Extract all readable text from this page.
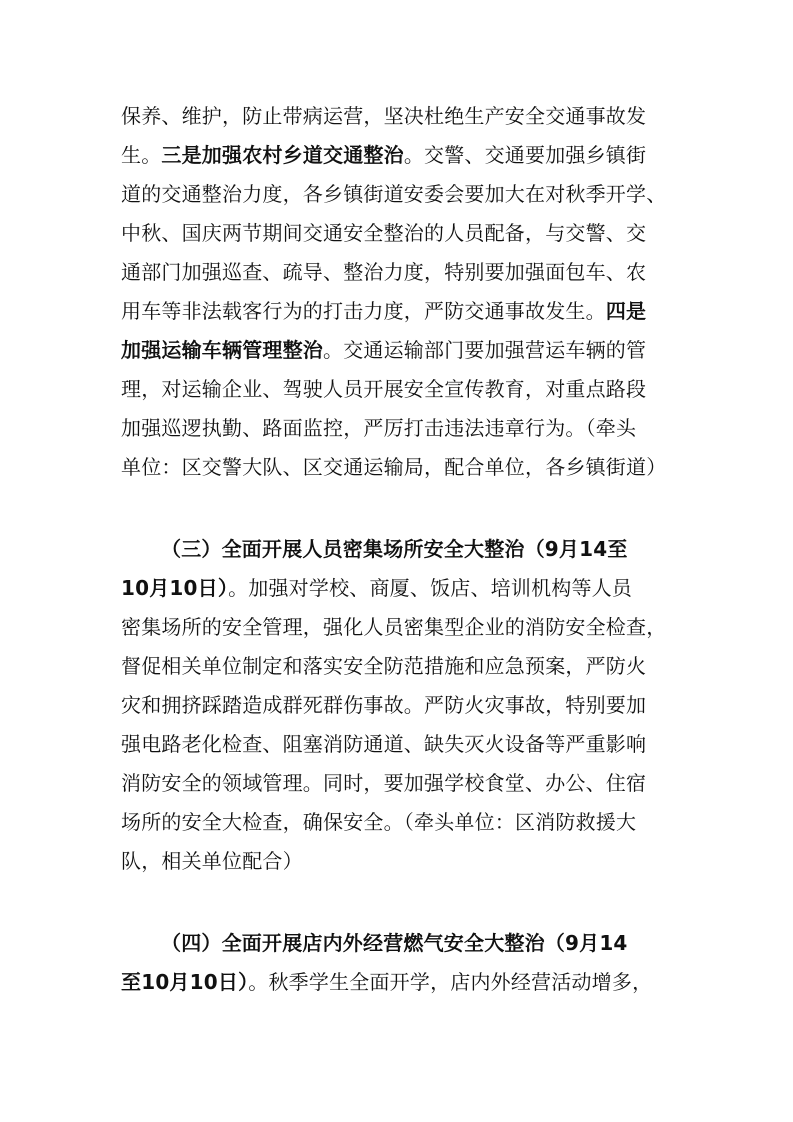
保养、维护，防止带病运营，坚决杜绝生产安全交通事故发
生。三是加强农村乡道交通整治。交警、交通要加强乡镇街
道的交通整治力度，各乡镇街道安委会要加大在对秋季开学、
中秋、国庆两节期间交通安全整治的人员配备，与交警、交
通部门加强巡查、疏导、整治力度，特别要加强面包车、农
用车等非法载客行为的打击力度，严防交通事故发生。四是
加强运输车辆管理整治。交通运输部门要加强营运车辆的管
理，对运输企业、驾驶人员开展安全宣传教育，对重点路段
加强巡逻执勤、路面监控，严厉打击违法违章行为。（牵头
单位：区交警大队、区交通运输局，配合单位，各乡镇街道）
（三）全面开展人员密集场所安全大整治（9月14至
10月10日）。加强对学校、商厦、饭店、培训机构等人员
密集场所的安全管理，强化人员密集型企业的消防安全检查，
督促相关单位制定和落实安全防范措施和应急预案，严防火
灾和拥挤踩踏造成群死群伤事故。严防火灾事故，特别要加
强电路老化检查、阻塞消防通道、缺失灭火设备等严重影响
消防安全的领域管理。同时，要加强学校食堂、办公、住宿
场所的安全大检查，确保安全。（牵头单位：区消防救援大
队，相关单位配合）
（四）全面开展店内外经营燃气安全大整治（9月14
至10月10日）。秋季学生全面开学，店内外经营活动增多，
